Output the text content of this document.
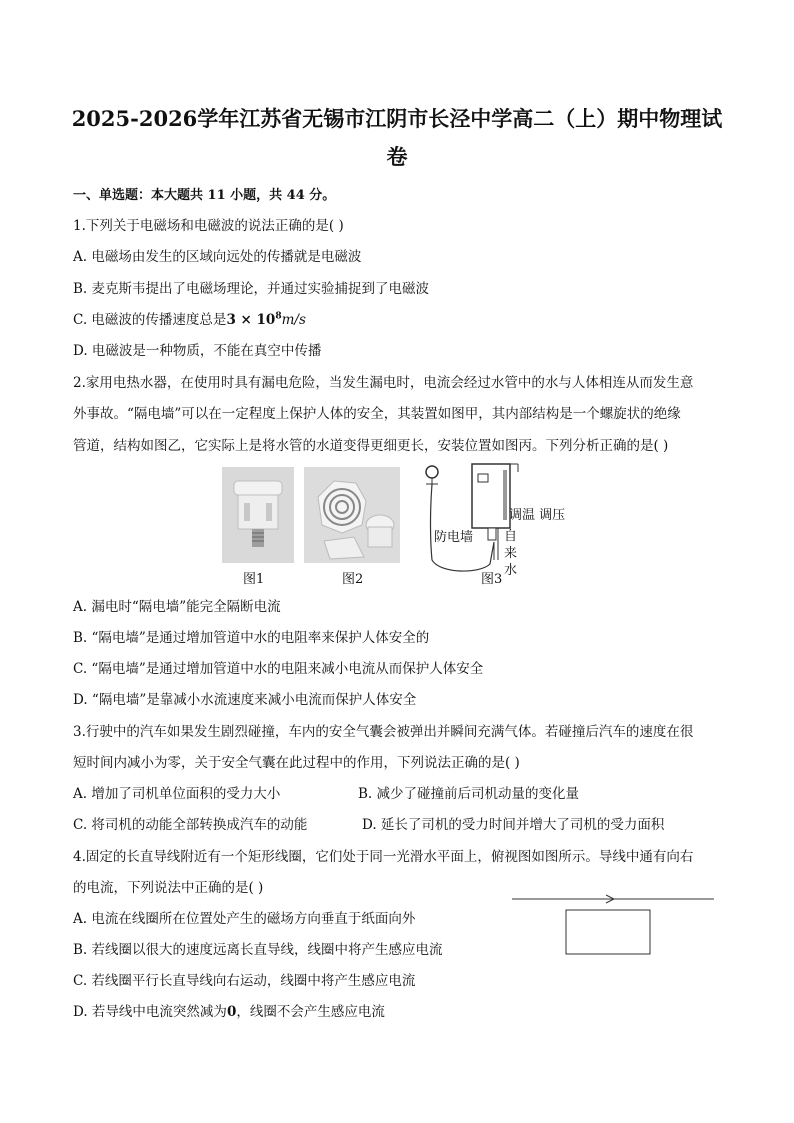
2025-2026学年江苏省无锡市江阴市长泾中学高二（上）期中物理试
卷
一、单选题：本大题共 11 小题，共 44 分。
1.下列关于电磁场和电磁波的说法正确的是( )
A. 电磁场由发生的区域向远处的传播就是电磁波
B. 麦克斯韦提出了电磁场理论，并通过实验捕捉到了电磁波
C. 电磁波的传播速度总是$3 \times 10^8m/s$
D. 电磁波是一种物质，不能在真空中传播
2.家用电热水器，在使用时具有漏电危险，当发生漏电时，电流会经过水管中的水与人体相连从而发生意
外事故。“隔电墙”可以在一定程度上保护人体的安全，其装置如图甲，其内部结构是一个螺旋状的绝缘
管道，结构如图乙，它实际上是将水管的水道变得更细更长，安装位置如图丙。下列分析正确的是( )
图1	图2
调温 调压
防电墙 自
来
水
图3
A. 漏电时“隔电墙”能完全隔断电流
B. “隔电墙”是通过增加管道中水的电阻率来保护人体安全的
C. “隔电墙”是通过增加管道中水的电阻来减小电流从而保护人体安全
D. “隔电墙”是靠减小水流速度来减小电流而保护人体安全
3.行驶中的汽车如果发生剧烈碰撞，车内的安全气囊会被弹出并瞬间充满气体。若碰撞后汽车的速度在很
短时间内减小为零，关于安全气囊在此过程中的作用，下列说法正确的是( )
A. 增加了司机单位面积的受力大小	B. 减少了碰撞前后司机动量的变化量
C. 将司机的动能全部转换成汽车的动能	D. 延长了司机的受力时间并增大了司机的受力面积
4.固定的长直导线附近有一个矩形线圈，它们处于同一光滑水平面上，俯视图如图所示。导线中通有向右
的电流，下列说法中正确的是( )
A. 电流在线圈所在位置处产生的磁场方向垂直于纸面向外
B. 若线圈以很大的速度远离长直导线，线圈中将产生感应电流
C. 若线圈平行长直导线向右运动，线圈中将产生感应电流
D. 若导线中电流突然减为0，线圈不会产生感应电流
